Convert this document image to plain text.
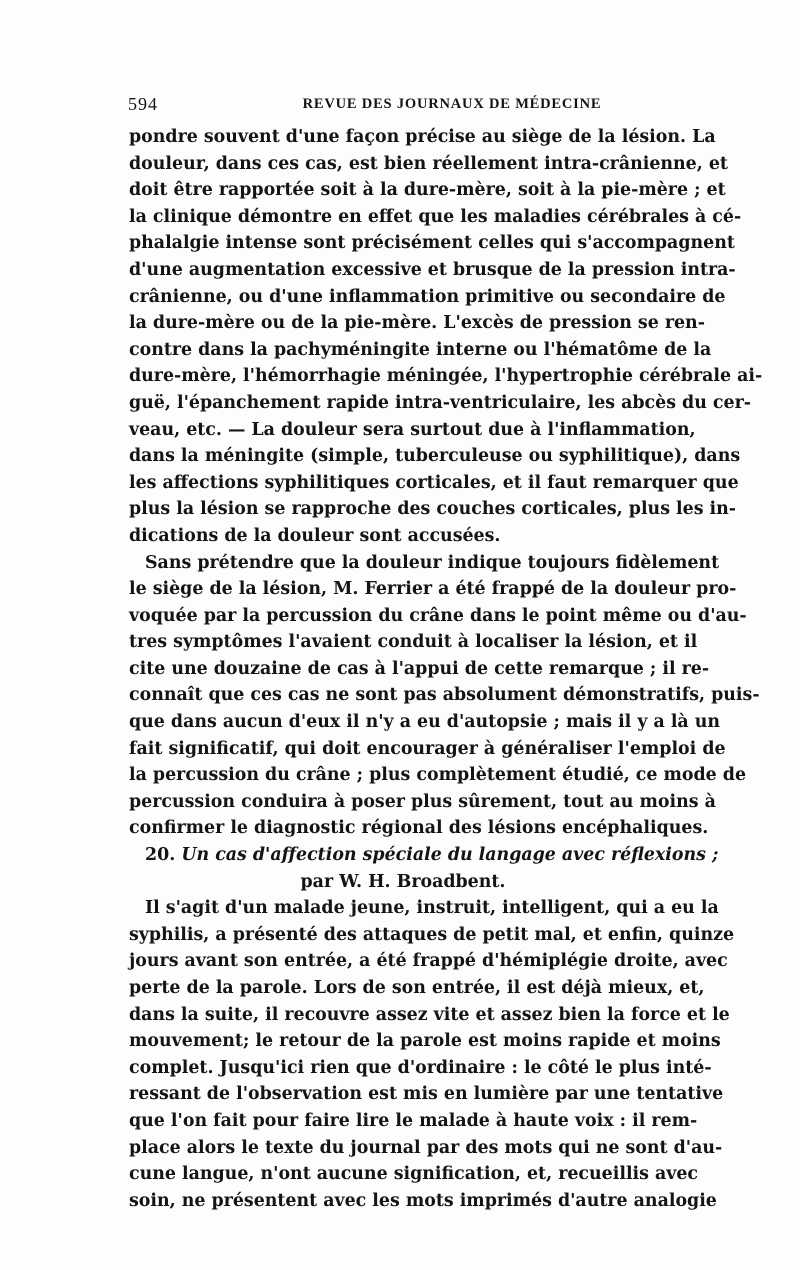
594	REVUE DES JOURNAUX DE MÉDECINE
pondre souvent d'une façon précise au siège de la lésion. La
douleur, dans ces cas, est bien réellement intra-crânienne, et
doit être rapportée soit à la dure-mère, soit à la pie-mère ; et
la clinique démontre en effet que les maladies cérébrales à cé-
phalalgie intense sont précisément celles qui s'accompagnent
d'une augmentation excessive et brusque de la pression intra-
crânienne, ou d'une inflammation primitive ou secondaire de
la dure-mère ou de la pie-mère. L'excès de pression se ren-
contre dans la pachyméningite interne ou l'hématôme de la
dure-mère, l'hémorrhagie méningée, l'hypertrophie cérébrale ai-
guë, l'épanchement rapide intra-ventriculaire, les abcès du cer-
veau, etc. — La douleur sera surtout due à l'inflammation,
dans la méningite (simple, tuberculeuse ou syphilitique), dans
les affections syphilitiques corticales, et il faut remarquer que
plus la lésion se rapproche des couches corticales, plus les in-
dications de la douleur sont accusées.
Sans prétendre que la douleur indique toujours fidèlement
le siège de la lésion, M. Ferrier a été frappé de la douleur pro-
voquée par la percussion du crâne dans le point même ou d'au-
tres symptômes l'avaient conduit à localiser la lésion, et il
cite une douzaine de cas à l'appui de cette remarque ; il re-
connaît que ces cas ne sont pas absolument démonstratifs, puis-
que dans aucun d'eux il n'y a eu d'autopsie ; mais il y a là un
fait significatif, qui doit encourager à généraliser l'emploi de
la percussion du crâne ; plus complètement étudié, ce mode de
percussion conduira à poser plus sûrement, tout au moins à
confirmer le diagnostic régional des lésions encéphaliques.
20. Un cas d'affection spéciale du langage avec réflexions ;
par W. H. Broadbent.
Il s'agit d'un malade jeune, instruit, intelligent, qui a eu la
syphilis, a présenté des attaques de petit mal, et enfin, quinze
jours avant son entrée, a été frappé d'hémiplégie droite, avec
perte de la parole. Lors de son entrée, il est déjà mieux, et,
dans la suite, il recouvre assez vite et assez bien la force et le
mouvement; le retour de la parole est moins rapide et moins
complet. Jusqu'ici rien que d'ordinaire : le côté le plus inté-
ressant de l'observation est mis en lumière par une tentative
que l'on fait pour faire lire le malade à haute voix : il rem-
place alors le texte du journal par des mots qui ne sont d'au-
cune langue, n'ont aucune signification, et, recueillis avec
soin, ne présentent avec les mots imprimés d'autre analogie
